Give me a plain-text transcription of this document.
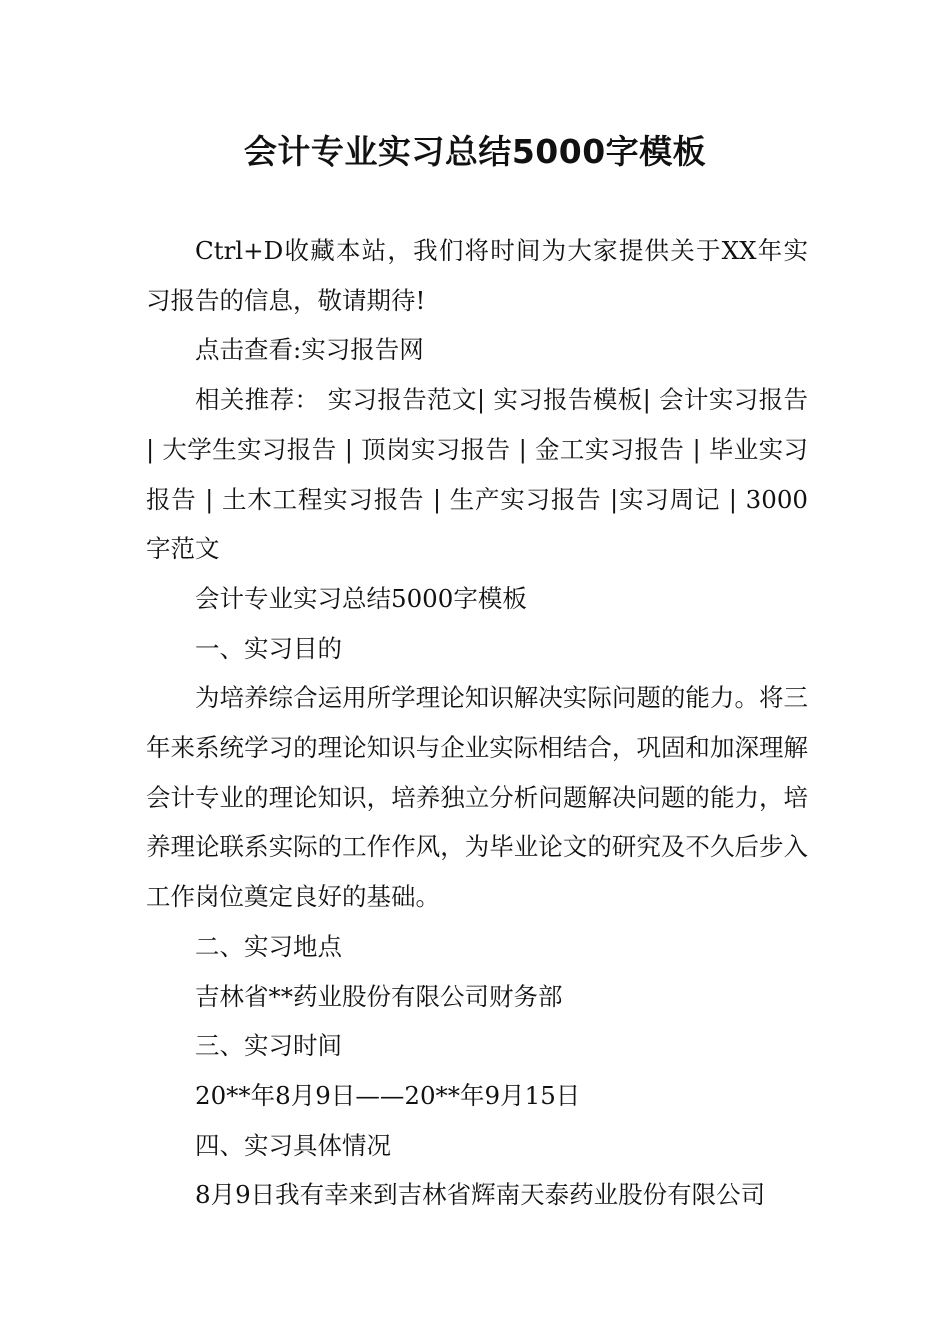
会计专业实习总结5000字模板

Ctrl+D收藏本站，我们将时间为大家提供关于XX年实习报告的信息，敬请期待!

点击查看:实习报告网

相关推荐： 实习报告范文| 实习报告模板| 会计实习报告 | 大学生实习报告 | 顶岗实习报告 | 金工实习报告 | 毕业实习报告 | 土木工程实习报告 | 生产实习报告 |实习周记 | 3000字范文

会计专业实习总结5000字模板

一、实习目的

为培养综合运用所学理论知识解决实际问题的能力。将三年来系统学习的理论知识与企业实际相结合，巩固和加深理解会计专业的理论知识，培养独立分析问题解决问题的能力，培养理论联系实际的工作作风，为毕业论文的研究及不久后步入工作岗位奠定良好的基础。

二、实习地点

吉林省**药业股份有限公司财务部

三、实习时间

20**年8月9日——20**年9月15日

四、实习具体情况

8月9日我有幸来到吉林省辉南天泰药业股份有限公司
